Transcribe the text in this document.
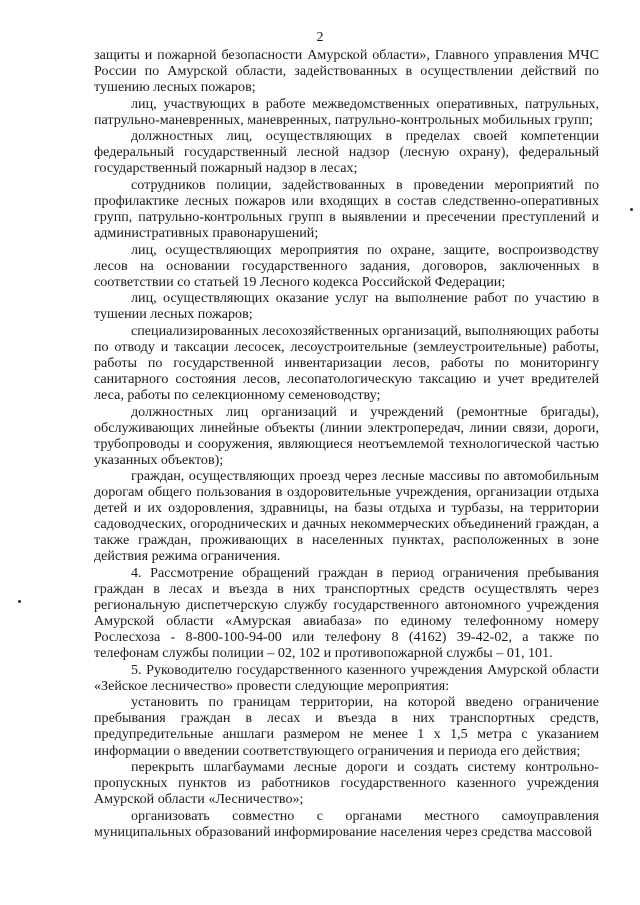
2

защиты и пожарной безопасности Амурской области», Главного управления МЧС России по Амурской области, задействованных в осуществлении действий по тушению лесных пожаров;

лиц, участвующих в работе межведомственных оперативных, патрульных, патрульно-маневренных, маневренных, патрульно-контрольных мобильных групп;

должностных лиц, осуществляющих в пределах своей компетенции федеральный государственный лесной надзор (лесную охрану), федеральный государственный пожарный надзор в лесах;

сотрудников полиции, задействованных в проведении мероприятий по профилактике лесных пожаров или входящих в состав следственно-оперативных групп, патрульно-контрольных групп в выявлении и пресечении преступлений и административных правонарушений;

лиц, осуществляющих мероприятия по охране, защите, воспроизводству лесов на основании государственного задания, договоров, заключенных в соответствии со статьей 19 Лесного кодекса Российской Федерации;

лиц, осуществляющих оказание услуг на выполнение работ по участию в тушении лесных пожаров;

специализированных лесохозяйственных организаций, выполняющих работы по отводу и таксации лесосек, лесоустроительные (землеустроительные) работы, работы по государственной инвентаризации лесов, работы по мониторингу санитарного состояния лесов, лесопатологическую таксацию и учет вредителей леса, работы по селекционному семеноводству;

должностных лиц организаций и учреждений (ремонтные бригады), обслуживающих линейные объекты (линии электропередач, линии связи, дороги, трубопроводы и сооружения, являющиеся неотъемлемой технологической частью указанных объектов);

граждан, осуществляющих проезд через лесные массивы по автомобильным дорогам общего пользования в оздоровительные учреждения, организации отдыха детей и их оздоровления, здравницы, на базы отдыха и турбазы, на территории садоводческих, огороднических и дачных некоммерческих объединений граждан, а также граждан, проживающих в населенных пунктах, расположенных в зоне действия режима ограничения.

4. Рассмотрение обращений граждан в период ограничения пребывания граждан в лесах и въезда в них транспортных средств осуществлять через региональную диспетчерскую службу государственного автономного учреждения Амурской области «Амурская авиабаза» по единому телефонному номеру Рослесхоза - 8-800-100-94-00 или телефону 8 (4162) 39-42-02, а также по телефонам службы полиции – 02, 102 и противопожарной службы – 01, 101.

5. Руководителю государственного казенного учреждения Амурской области «Зейское лесничество» провести следующие мероприятия:

установить по границам территории, на которой введено ограничение пребывания граждан в лесах и въезда в них транспортных средств, предупредительные аншлаги размером не менее 1 х 1,5 метра с указанием информации о введении соответствующего ограничения и периода его действия;

перекрыть шлагбаумами лесные дороги и создать систему контрольно-пропускных пунктов из работников государственного казенного учреждения Амурской области «Лесничество»;

организовать совместно с органами местного самоуправления муниципальных образований информирование населения через средства массовой
